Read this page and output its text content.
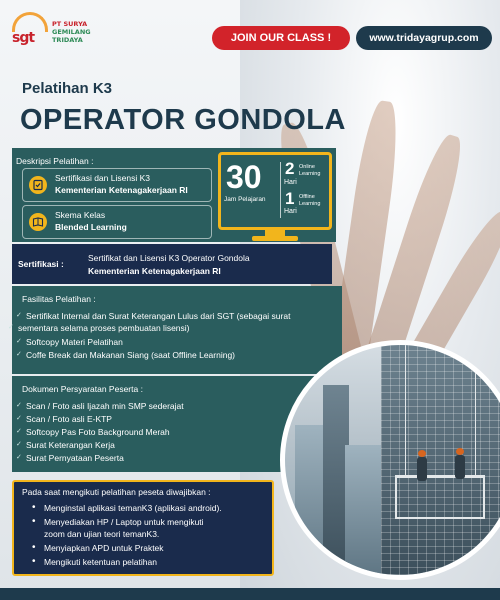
sgt
PT SURYA
GEMILANG
TRIDAYA	JOIN OUR CLASS !	www.tridayagrup.com
Pelatihan K3
OPERATOR GONDOLA
Deskripsi Pelatihan :
Sertifikasi dan Lisensi K3
Kementerian Ketenagakerjaan RI
Skema Kelas
Blended Learning
30
Jam Pelajaran
2
Hari
Online
Learning
1
Hari
Offline
Learning
Sertifikasi :
Sertifikat dan Lisensi K3 Operator Gondola
Kementerian Ketenagakerjaan RI
Fasilitas Pelatihan :
✓ Sertifikat Internal dan Surat Keterangan Lulus dari SGT (sebagai surat
✓ sementara selama proses pembuatan lisensi)
✓ Softcopy Materi Pelatihan
✓ Coffe Break dan Makanan Siang (saat Offline Learning)
Dokumen Persyaratan Peserta :
✓ Scan / Foto asli Ijazah min SMP sederajat
✓ Scan / Foto asli E-KTP
✓ Softcopy Pas Foto Background Merah
✓ Surat Keterangan Kerja
✓ Surat Pernyataan Peserta
Pada saat mengikuti pelatihan peseta diwajibkan :
• Menginstal aplikasi temanK3 (aplikasi android).
• Menyediakan HP / Laptop untuk mengikuti
zoom dan ujian teori temanK3.
• Menyiapkan APD untuk Praktek
• Mengikuti ketentuan pelatihan
